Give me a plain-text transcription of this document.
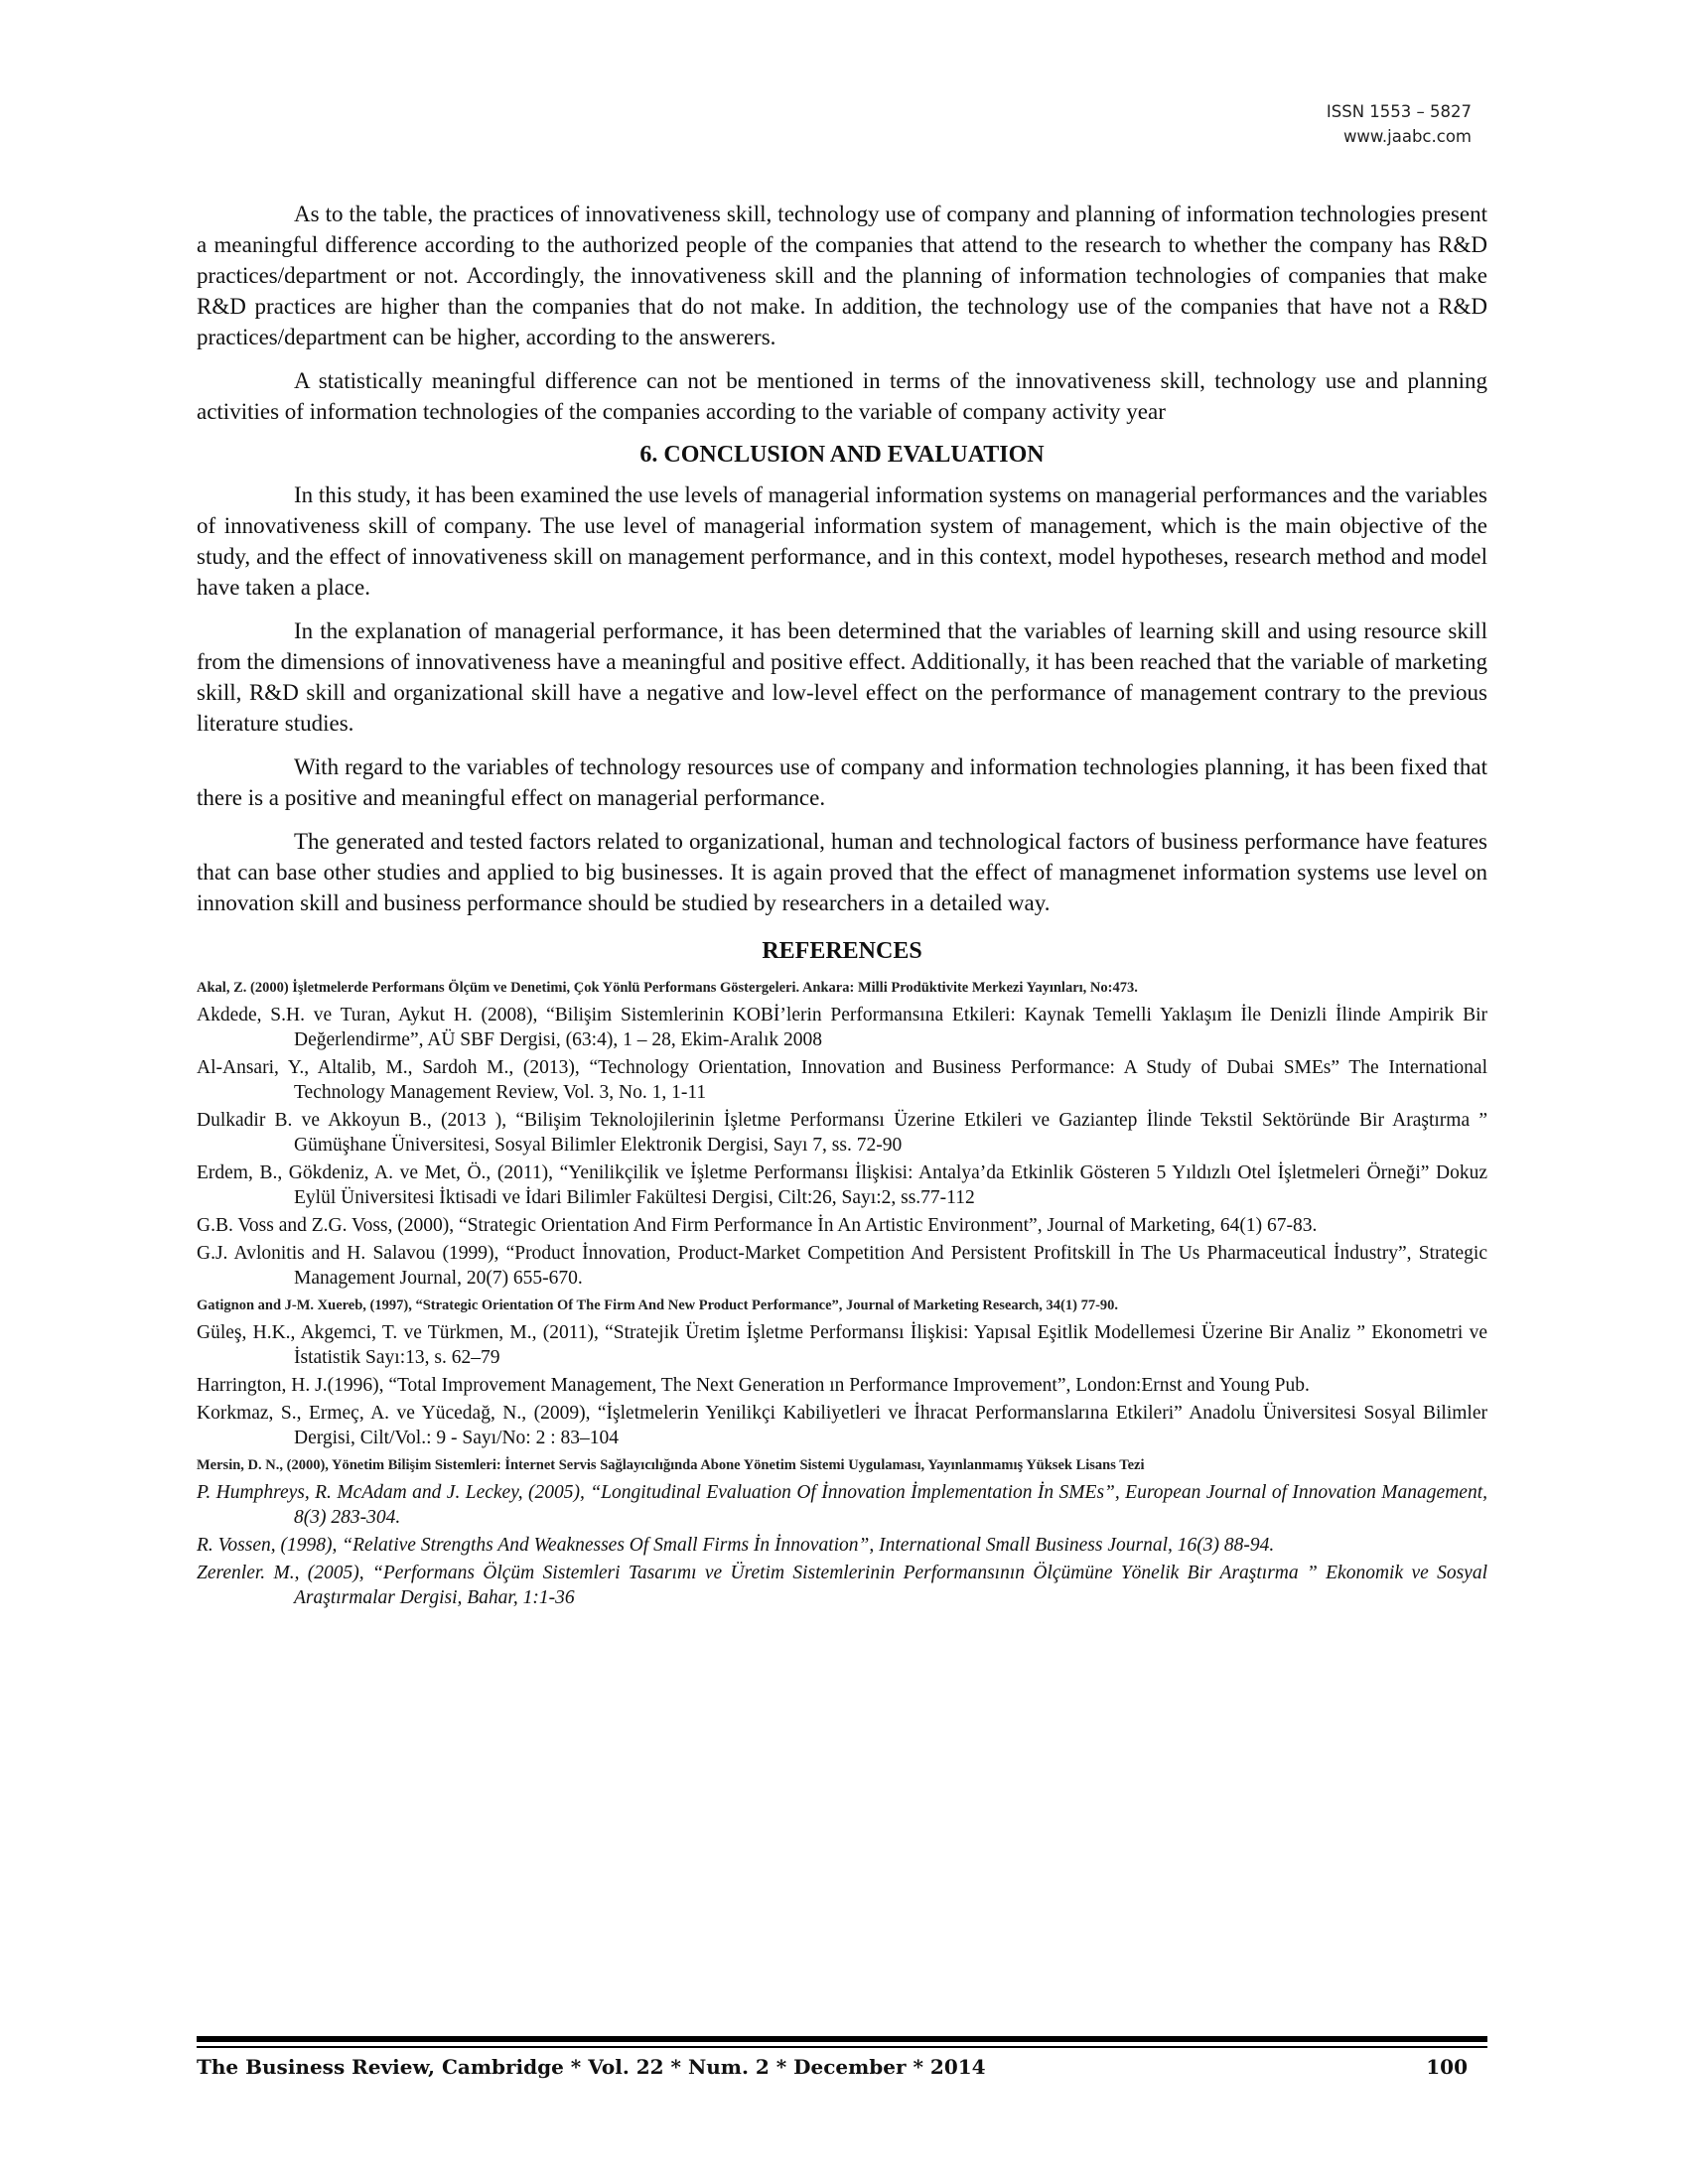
ISSN 1553 – 5827
www.jaabc.com

As to the table, the practices of innovativeness skill, technology use of company and planning of information technologies present a meaningful difference according to the authorized people of the companies that attend to the research to whether the company has R&D practices/department or not. Accordingly, the innovativeness skill and the planning of information technologies of companies that make R&D practices are higher than the companies that do not make. In addition, the technology use of the companies that have not a R&D practices/department can be higher, according to the answerers.

A statistically meaningful difference can not be mentioned in terms of the innovativeness skill, technology use and planning activities of information technologies of the companies according to the variable of company activity year

6. CONCLUSION AND EVALUATION

In this study, it has been examined the use levels of managerial information systems on managerial performances and the variables of innovativeness skill of company. The use level of managerial information system of management, which is the main objective of the study, and the effect of innovativeness skill on management performance, and in this context, model hypotheses, research method and model have taken a place.

In the explanation of managerial performance, it has been determined that the variables of learning skill and using resource skill from the dimensions of innovativeness have a meaningful and positive effect. Additionally, it has been reached that the variable of marketing skill, R&D skill and organizational skill have a negative and low-level effect on the performance of management contrary to the previous literature studies.

With regard to the variables of technology resources use of company and information technologies planning, it has been fixed that there is a positive and meaningful effect on managerial performance.

The generated and tested factors related to organizational, human and technological factors of business performance have features that can base other studies and applied to big businesses. It is again proved that the effect of managmenet information systems use level on innovation skill and business performance should be studied by researchers in a detailed way.

REFERENCES
Akal, Z. (2000) İşletmelerde Performans Ölçüm ve Denetimi, Çok Yönlü Performans Göstergeleri. Ankara: Milli Prodüktivite Merkezi Yayınları, No:473.
Akdede, S.H. ve Turan, Aykut H. (2008), “Bilişim Sistemlerinin KOBİ’lerin Performansına Etkileri: Kaynak Temelli Yaklaşım İle Denizli İlinde Ampirik Bir Değerlendirme”, AÜ SBF Dergisi, (63:4), 1 – 28, Ekim-Aralık 2008
Al-Ansari, Y., Altalib, M., Sardoh M., (2013), “Technology Orientation, Innovation and Business Performance: A Study of Dubai SMEs” The International Technology Management Review, Vol. 3, No. 1, 1-11
Dulkadir B. ve Akkoyun B., (2013 ), “Bilişim Teknolojilerinin İşletme Performansı Üzerine Etkileri ve Gaziantep İlinde Tekstil Sektöründe Bir Araştırma ” Gümüşhane Üniversitesi, Sosyal Bilimler Elektronik Dergisi, Sayı 7, ss. 72-90
Erdem, B., Gökdeniz, A. ve Met, Ö., (2011), “Yenilikçilik ve İşletme Performansı İlişkisi: Antalya’da Etkinlik Gösteren 5 Yıldızlı Otel İşletmeleri Örneği” Dokuz Eylül Üniversitesi İktisadi ve İdari Bilimler Fakültesi Dergisi, Cilt:26, Sayı:2, ss.77-112
G.B. Voss and Z.G. Voss, (2000), “Strategic Orientation And Firm Performance İn An Artistic Environment”, Journal of Marketing, 64(1) 67-83.
G.J. Avlonitis and H. Salavou (1999), “Product İnnovation, Product-Market Competition And Persistent Profitskill İn The Us Pharmaceutical İndustry”, Strategic Management Journal, 20(7) 655-670.
Gatignon and J-M. Xuereb, (1997), “Strategic Orientation Of The Firm And New Product Performance”, Journal of Marketing Research, 34(1) 77-90.
Güleş, H.K., Akgemci, T. ve Türkmen, M., (2011), “Stratejik Üretim İşletme Performansı İlişkisi: Yapısal Eşitlik Modellemesi Üzerine Bir Analiz ” Ekonometri ve İstatistik Sayı:13, s. 62–79
Harrington, H. J.(1996), “Total Improvement Management, The Next Generation ın Performance Improvement”, London:Ernst and Young Pub.
Korkmaz, S., Ermeç, A. ve Yücedağ, N., (2009), “İşletmelerin Yenilikçi Kabiliyetleri ve İhracat Performanslarına Etkileri” Anadolu Üniversitesi Sosyal Bilimler Dergisi, Cilt/Vol.: 9 - Sayı/No: 2 : 83–104
Mersin, D. N., (2000), Yönetim Bilişim Sistemleri: İnternet Servis Sağlayıcılığında Abone Yönetim Sistemi Uygulaması, Yayınlanmamış Yüksek Lisans Tezi
P. Humphreys, R. McAdam and J. Leckey, (2005), “Longitudinal Evaluation Of İnnovation İmplementation İn SMEs”, European Journal of Innovation Management, 8(3) 283-304.
R. Vossen, (1998), “Relative Strengths And Weaknesses Of Small Firms İn İnnovation”, International Small Business Journal, 16(3) 88-94.
Zerenler. M., (2005), “Performans Ölçüm Sistemleri Tasarımı ve Üretim Sistemlerinin Performansının Ölçümüne Yönelik Bir Araştırma ” Ekonomik ve Sosyal Araştırmalar Dergisi, Bahar, 1:1-36
The Business Review, Cambridge * Vol. 22 * Num. 2 * December * 2014	100
